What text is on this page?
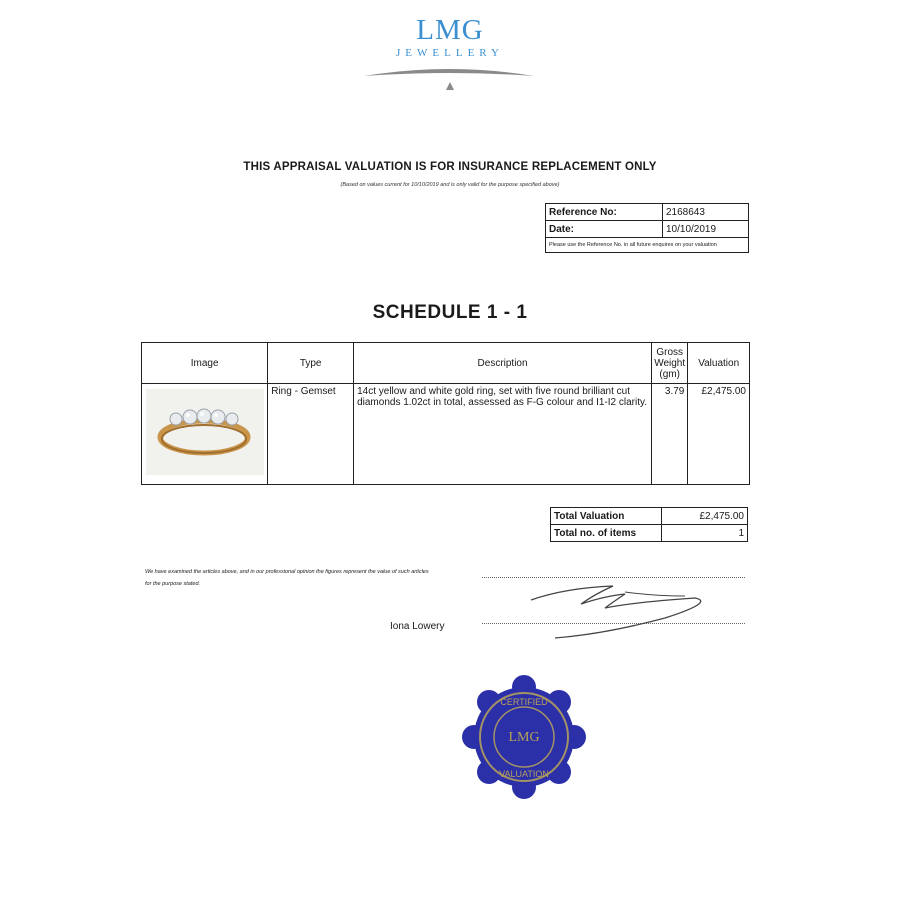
LMG
JEWELLERY
THIS APPRAISAL VALUATION IS FOR INSURANCE REPLACEMENT ONLY
(Based on values current for 10/10/2019 and is only valid for the purpose specified above)
Reference No:	2168643
Date:	10/10/2019
Please use the Reference No. in all future enquires on your valuation	
SCHEDULE 1 - 1
Image	Type	Description	Gross Weight (gm)	Valuation

	Ring - Gemset	14ct yellow and white gold ring, set with five round brilliant cut diamonds 1.02ct in total, assessed as F-G colour and I1-I2 clarity.	3.79	£2,475.00
Total Valuation	£2,475.00
Total no. of items	1
We have examined the articles above, and in our professional opinion the figures represent the value of such articles
for the purpose stated.
Iona Lowery
CERTIFIED
LMG
VALUATION
